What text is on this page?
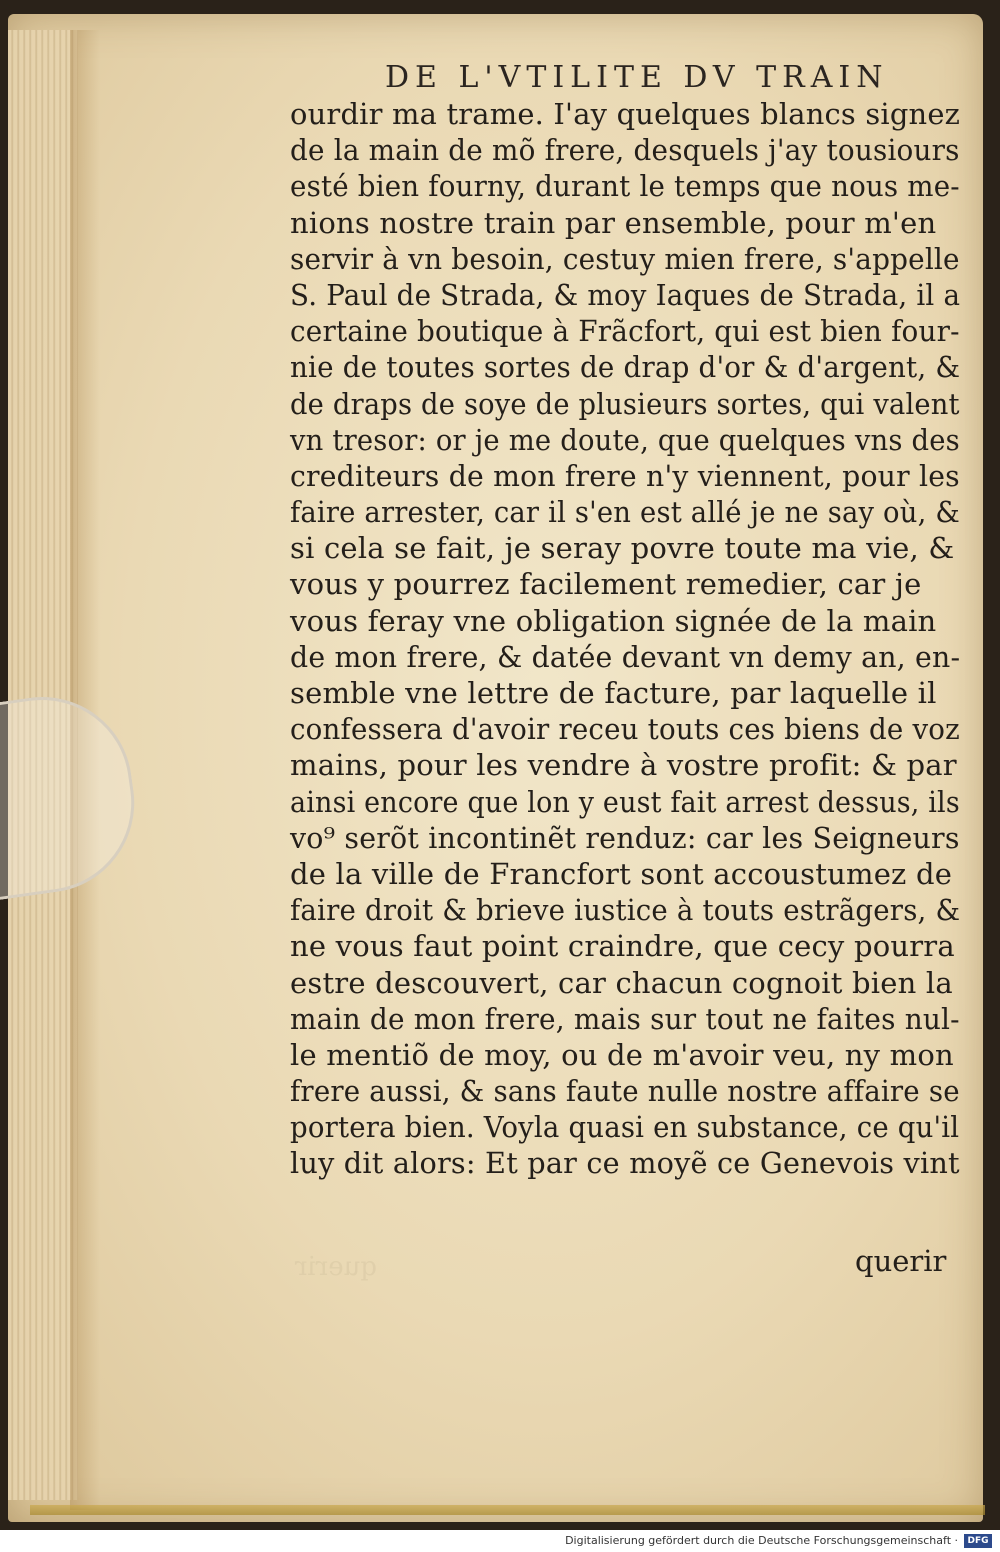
DE L'VTILITE DV TRAIN
ourdir ma trame. I'ay quelques blancs signez
de la main de mõ frere, desquels j'ay tousiours
esté bien fourny, durant le temps que nous me-
nions nostre train par ensemble, pour m'en
servir à vn besoin, cestuy mien frere, s'appelle
S. Paul de Strada, & moy Iaques de Strada, il a
certaine boutique à Frãcfort, qui est bien four-
nie de toutes sortes de drap d'or & d'argent, &
de draps de soye de plusieurs sortes, qui valent
vn tresor: or je me doute, que quelques vns des
crediteurs de mon frere n'y viennent, pour les
faire arrester, car il s'en est allé je ne say où, &
si cela se fait, je seray povre toute ma vie, &
vous y pourrez facilement remedier, car je
vous feray vne obligation signée de la main
de mon frere, & datée devant vn demy an, en-
semble vne lettre de facture, par laquelle il
confessera d'avoir receu touts ces biens de voz
mains, pour les vendre à vostre profit: & par
ainsi encore que lon y eust fait arrest dessus, ils
vo⁹ serõt incontinẽt renduz: car les Seigneurs
de la ville de Francfort sont accoustumez de
faire droit & brieve iustice à touts estrãgers, &
ne vous faut point craindre, que cecy pourra
estre descouvert, car chacun cognoit bien la
main de mon frere, mais sur tout ne faites nul-
le mentiõ de moy, ou de m'avoir veu, ny mon
frere aussi, & sans faute nulle nostre affaire se
portera bien. Voyla quasi en substance, ce qu'il
luy dit alors: Et par ce moyẽ ce Genevois vint
querir	querir
Digitalisierung gefördert durch die Deutsche Forschungsgemeinschaft ·	DFG
